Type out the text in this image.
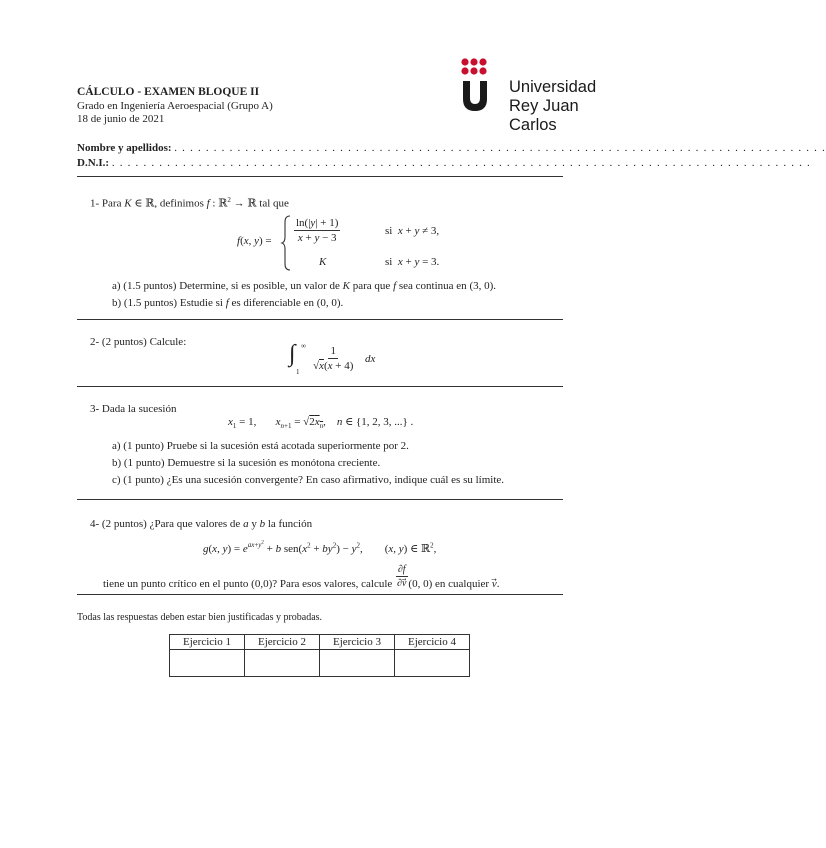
Universidad
Rey Juan Carlos
CÁLCULO - EXAMEN BLOQUE II
Grado en Ingeniería Aeroespacial (Grupo A)
18 de junio de 2021
Nombre y apellidos: . . . . . . . . . . . . . . . . . . . . . . . . . . . . . . . . . . . . . . . . . . . . . . . . . . . . . . . . . . . . . . . . . . . . . . . . . . . . . . . . . . .
D.N.I.: . . . . . . . . . . . . . . . . . . . . . . . . . . . . . . . . . . . . . . . . . . . . . . . . . . . . . . . . . . . . . . . . . . . . . . . . . . . . . . . . . . . . . . . . .
1- Para K ∈ ℝ, definimos f : ℝ$^2$ → ℝ tal que
f(x, $y) = \frac{\ln(|y| + 1)}{x + y - 3}$	si x + y ≠ 3,
K	si x + y = 3.
a) (1.5 puntos) Determine, si es posible, un valor de K para que f sea continua en (3, 0).
b) (1.5 puntos) Estudie si f es diferenciable en (0, 0).
2- (2 puntos) Calcule:	∫ ∞
$1 \frac{1}{√x(x + 4)}$ dx
3- Dada la sucesión
$x_1 = 1$,       $x_{n+1} = √2x_n$,    n ∈ {1, 2, 3, ...} .
a) (1 punto) Pruebe si la sucesión está acotada superiormente por 2.
b) (1 punto) Demuestre si la sucesión es monótona creciente.
c) (1 punto) ¿Es una sucesión convergente? En caso afirmativo, indique cuál es su límite.
4- (2 puntos) ¿Para que valores de a y b la función
g(x, $y) = e^{ax+y^2} + b$ $sen(x^2 + by^2) - y^2$,        (x, y) ∈ ℝ$^2$,
tiene un punto crítico en el punto (0,0)? Para esos valores, calcule $\frac{\partial f}{\partial v} (0$, 0) en cualquier v⃗.
Todas las respuestas deben estar bien justificadas y probadas.
Ejercicio 1	Ejercicio 2	Ejercicio 3	Ejercicio 4
